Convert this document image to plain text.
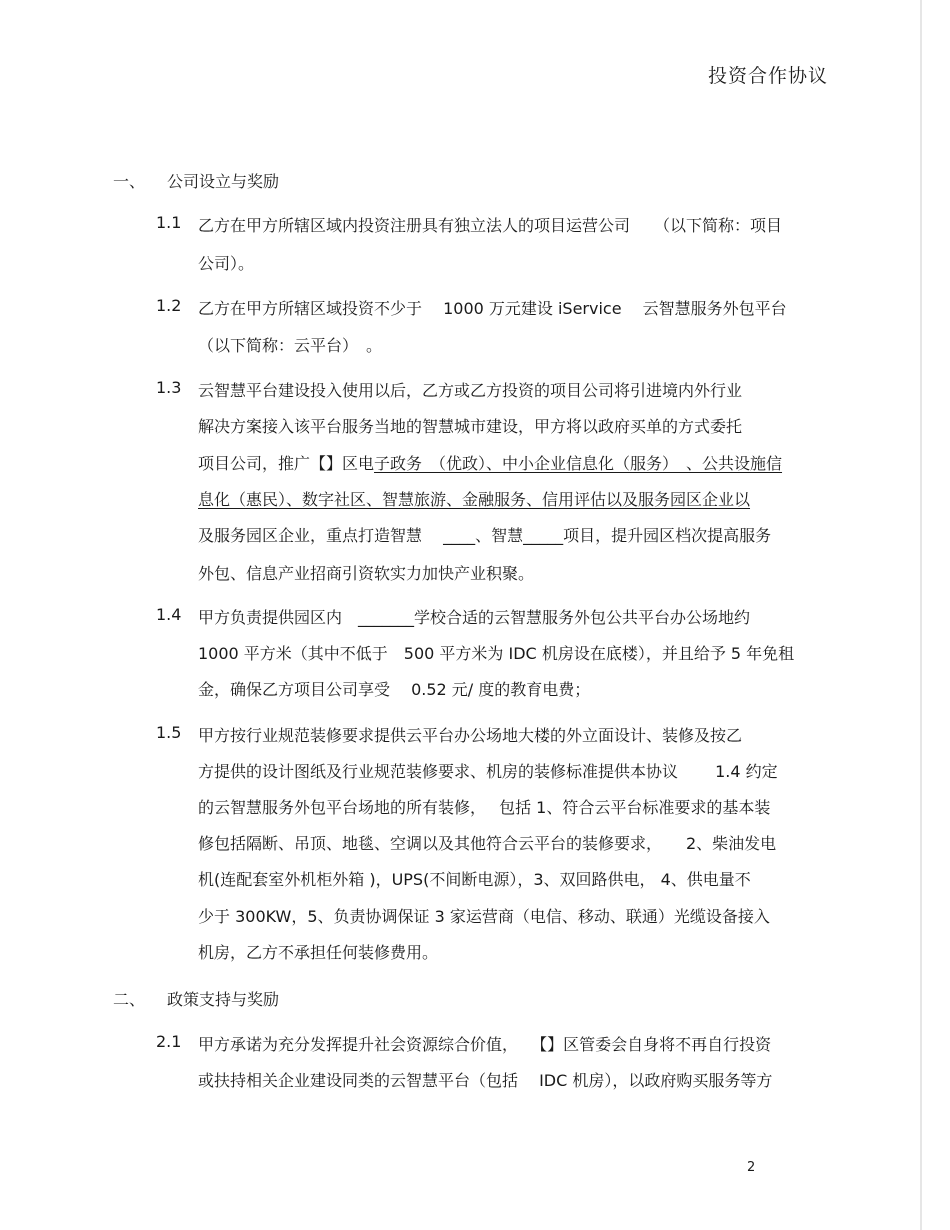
投资合作协议
一、 公司设立与奖励
1.1 乙方在甲方所辖区域内投资注册具有独立法人的项目运营公司　　（以下简称：项目
公司）。
1.2 乙方在甲方所辖区域投资不少于　 1000 万元建设 iService 　云智慧服务外包平台
（以下简称：云平台）　。
1.3 云智慧平台建设投入使用以后，乙方或乙方投资的项目公司将引进境内外行业
解决方案接入该平台服务当地的智慧城市建设，甲方将以政府买单的方式委托
项目公司，推广【】区电子政务　（优政）、中小企业信息化（服务）　、公共设施信
息化（惠民）、数字社区、智慧旅游、金融服务、信用评估以及服务园区企业以
及服务园区企业，重点打造智慧　 ____、智慧_____项目，提升园区档次提高服务
外包、信息产业招商引资软实力加快产业积聚。
1.4 甲方负责提供园区内　_______学校合适的云智慧服务外包公共平台办公场地约
1000 平方米（其中不低于　500 平方米为 IDC 机房设在底楼），并且给予 5 年免租
金，确保乙方项目公司享受　 0.52 元/ 度的教育电费；
1.5 甲方按行业规范装修要求提供云平台办公场地大楼的外立面设计、装修及按乙
方提供的设计图纸及行业规范装修要求、机房的装修标准提供本协议　　 1.4 约定
的云智慧服务外包平台场地的所有装修，　 包括 1、符合云平台标准要求的基本装
修包括隔断、吊顶、地毯、空调以及其他符合云平台的装修要求，　　2、柴油发电
机(连配套室外机柜外箱 )，UPS(不间断电源），3、双回路供电， 4、供电量不
少于 300KW，5、负责协调保证 3 家运营商（电信、移动、联通）光缆设备接入
机房，乙方不承担任何装修费用。
二、 政策支持与奖励
2.1 甲方承诺为充分发挥提升社会资源综合价值，　 【】区管委会自身将不再自行投资
或扶持相关企业建设同类的云智慧平台（包括　 IDC 机房），以政府购买服务等方
2
